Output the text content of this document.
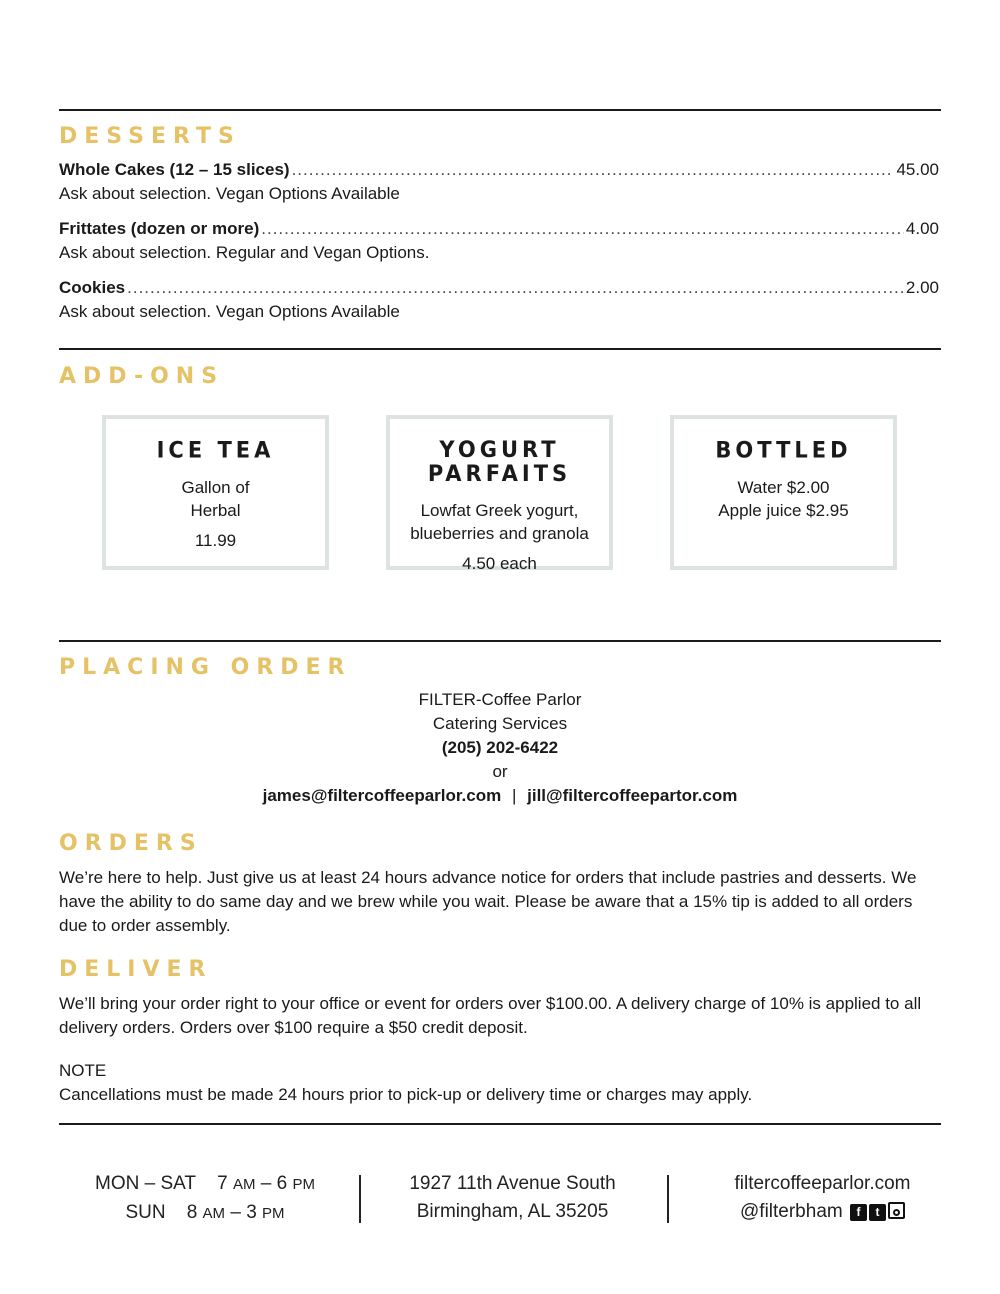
DESSERTS
Whole Cakes (12 – 15 slices) .....	45.00
Ask about selection. Vegan Options Available
Frittates (dozen or more) .....	4.00
Ask about selection. Regular and Vegan Options.
Cookies .....	2.00
Ask about selection. Vegan Options Available
ADD-ONS
ICE TEA
Gallon of
Herbal
11.99
YOGURT PARFAITS
Lowfat Greek yogurt,
blueberries and granola
4.50 each
BOTTLED
Water $2.00
Apple juice $2.95
PLACING ORDER
FILTER-Coffee Parlor
Catering Services
(205) 202-6422
or
james@filtercoffeeparlor.com | jill@filtercoffeepartor.com
ORDERS
We’re here to help. Just give us at least 24 hours advance notice for orders that include pastries and desserts. We have the ability to do same day and we brew while you wait. Please be aware that a 15% tip is added to all orders due to order assembly.
DELIVER
We’ll bring your order right to your office or event for orders over $100.00. A delivery charge of 10% is applied to all delivery orders. Orders over $100 require a $50 credit deposit.
NOTE
Cancellations must be made 24 hours prior to pick-up or delivery time or charges may apply.
MON – SAT 7 AM – 6 PM
SUN 8 AM – 3 PM
1927 11th Avenue South
Birmingham, AL 35205
filtercoffeeparlor.com
@filterbham f t
